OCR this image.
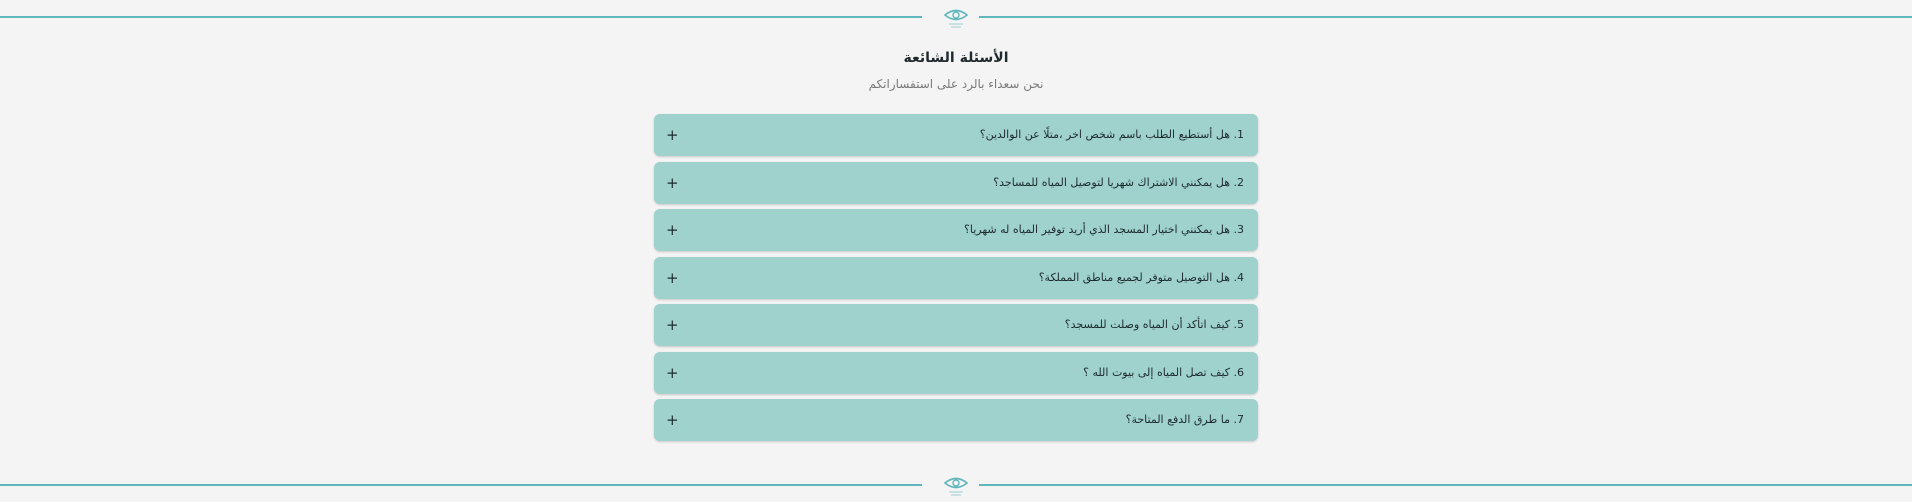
الأسئلة الشائعة
نحن سعداء بالرد على استفساراتكم
1. هل أستطيع الطلب باسم شخص اخر ،متلًا عن الوالدين؟
+
2. هل يمكنني الاشتراك شهريا لتوصيل المياه للمساجد؟
+
3. هل يمكنني اختيار المسجد الذي أريد توفير المياه له شهريا؟
+
4. هل التوصيل متوفر لجميع مناطق المملكة؟
+
5. كيف اتأكد أن المياه وصلت للمسجد؟
+
6. كيف تصل المياه إلى بيوت الله ؟
+
7. ما طرق الدفع المتاحة؟
+
